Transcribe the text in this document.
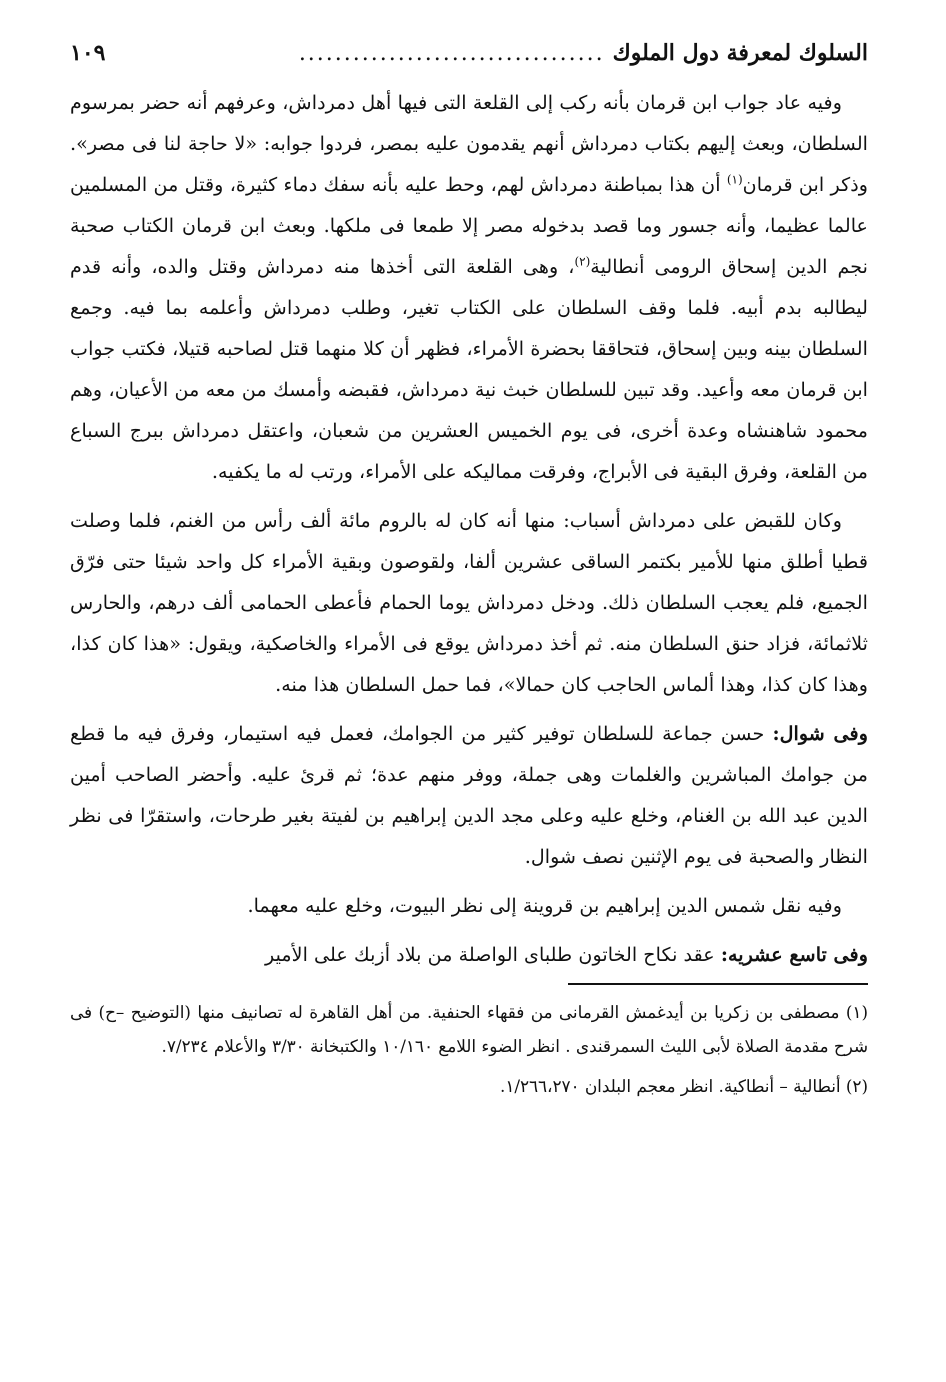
السلوك لمعرفة دول الملوك
..................................
١٠٩

وفيه عاد جواب ابن قرمان بأنه ركب إلى القلعة التى فيها أهل دمرداش، وعرفهم أنه حضر بمرسوم السلطان، وبعث إليهم بكتاب دمرداش أنهم يقدمون عليه بمصر، فردوا جوابه: «لا حاجة لنا فى مصر». وذكر ابن قرمان$^{(١)}$ أن هذا بمباطنة دمرداش لهم، وحط عليه بأنه سفك دماء كثيرة، وقتل من المسلمين عالما عظيما، وأنه جسور وما قصد بدخوله مصر إلا طمعا فى ملكها. وبعث ابن قرمان الكتاب صحبة نجم الدين إسحاق الرومى أنطالية$^{(٢)}$، وهى القلعة التى أخذها منه دمرداش وقتل والده، وأنه قدم ليطالبه بدم أبيه. فلما وقف السلطان على الكتاب تغير، وطلب دمرداش وأعلمه بما فيه. وجمع السلطان بينه وبين إسحاق، فتحاققا بحضرة الأمراء، فظهر أن كلا منهما قتل لصاحبه قتيلا، فكتب جواب ابن قرمان معه وأعيد. وقد تبين للسلطان خبث نية دمرداش، فقبضه وأمسك من معه من الأعيان، وهم محمود شاهنشاه وعدة أخرى، فى يوم الخميس العشرين من شعبان، واعتقل دمرداش ببرج السباع من القلعة، وفرق البقية فى الأبراج، وفرقت مماليكه على الأمراء، ورتب له ما يكفيه.

وكان للقبض على دمرداش أسباب: منها أنه كان له بالروم مائة ألف رأس من الغنم، فلما وصلت قطيا أطلق منها للأمير بكتمر الساقى عشرين ألفا، ولقوصون وبقية الأمراء كل واحد شيئا حتى فرّق الجميع، فلم يعجب السلطان ذلك. ودخل دمرداش يوما الحمام فأعطى الحمامى ألف درهم، والحارس ثلاثمائة، فزاد حنق السلطان منه. ثم أخذ دمرداش يوقع فى الأمراء والخاصكية، ويقول: «هذا كان كذا، وهذا كان كذا، وهذا ألماس الحاجب كان حمالا»، فما حمل السلطان هذا منه.

وفى شوال: حسن جماعة للسلطان توفير كثير من الجوامك، فعمل فيه استيمار، وفرق فيه ما قطع من جوامك المباشرين والغلمات وهى جملة، ووفر منهم عدة؛ ثم قرئ عليه. وأحضر الصاحب أمين الدين عبد الله بن الغنام، وخلع عليه وعلى مجد الدين إبراهيم بن لفيتة بغير طرحات، واستقرّا فى نظر النظار والصحبة فى يوم الإثنين نصف شوال.

وفيه نقل شمس الدين إبراهيم بن قروينة إلى نظر البيوت، وخلع عليه معهما.

وفى تاسع عشريه: عقد نكاح الخاتون طلباى الواصلة من بلاد أزبك على الأمير

(١) مصطفى بن زكريا بن أيدغمش القرمانى من فقهاء الحنفية. من أهل القاهرة له تصانيف منها (التوضيح –ح) فى شرح مقدمة الصلاة لأبى الليث السمرقندى . انظر الضوء اللامع ١٠/١٦٠ والكتبخانة ٣/٣٠ والأعلام ٧/٢٣٤.

(٢) أنطالية – أنطاكية. انظر معجم البلدان ١/٢٦٦،٢٧٠.
